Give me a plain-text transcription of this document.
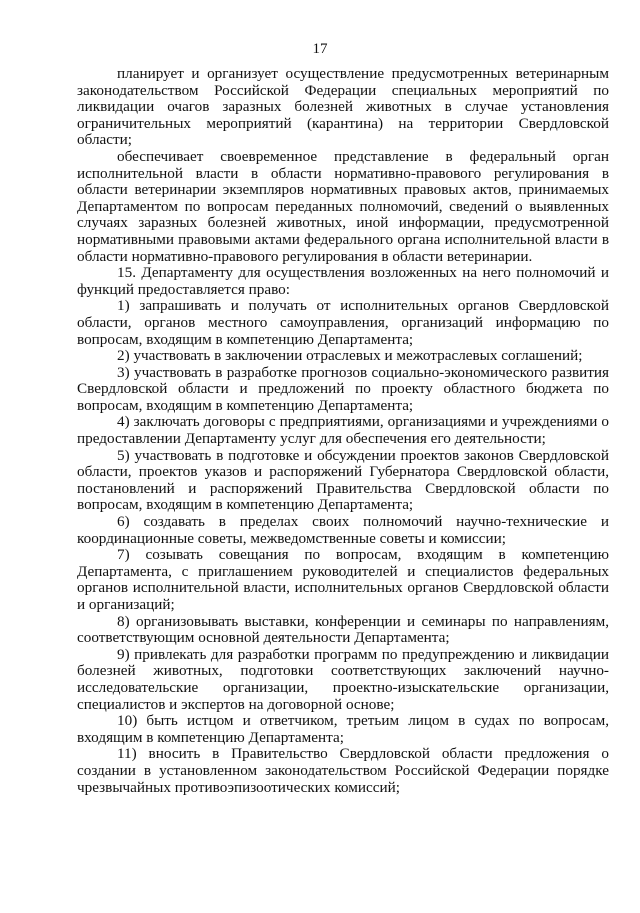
17

планирует и организует осуществление предусмотренных ветеринарным законодательством Российской Федерации специальных мероприятий по ликвидации очагов заразных болезней животных в случае установления ограничительных мероприятий (карантина) на территории Свердловской области;

обеспечивает своевременное представление в федеральный орган исполнительной власти в области нормативно-правового регулирования в области ветеринарии экземпляров нормативных правовых актов, принимаемых Департаментом по вопросам переданных полномочий, сведений о выявленных случаях заразных болезней животных, иной информации, предусмотренной нормативными правовыми актами федерального органа исполнительной власти в области нормативно-правового регулирования в области ветеринарии.

15. Департаменту для осуществления возложенных на него полномочий и функций предоставляется право:

1) запрашивать и получать от исполнительных органов Свердловской области, органов местного самоуправления, организаций информацию по вопросам, входящим в компетенцию Департамента;

2) участвовать в заключении отраслевых и межотраслевых соглашений;

3) участвовать в разработке прогнозов социально-экономического развития Свердловской области и предложений по проекту областного бюджета по вопросам, входящим в компетенцию Департамента;

4) заключать договоры с предприятиями, организациями и учреждениями о предоставлении Департаменту услуг для обеспечения его деятельности;

5) участвовать в подготовке и обсуждении проектов законов Свердловской области, проектов указов и распоряжений Губернатора Свердловской области, постановлений и распоряжений Правительства Свердловской области по вопросам, входящим в компетенцию Департамента;

6) создавать в пределах своих полномочий научно-технические и координационные советы, межведомственные советы и комиссии;

7) созывать совещания по вопросам, входящим в компетенцию Департамента, с приглашением руководителей и специалистов федеральных органов исполнительной власти, исполнительных органов Свердловской области и организаций;

8) организовывать выставки, конференции и семинары по направлениям, соответствующим основной деятельности Департамента;

9) привлекать для разработки программ по предупреждению и ликвидации болезней животных, подготовки соответствующих заключений научно-исследовательские организации, проектно-изыскательские организации, специалистов и экспертов на договорной основе;

10) быть истцом и ответчиком, третьим лицом в судах по вопросам, входящим в компетенцию Департамента;

11) вносить в Правительство Свердловской области предложения о создании в установленном законодательством Российской Федерации порядке чрезвычайных противоэпизоотических комиссий;
